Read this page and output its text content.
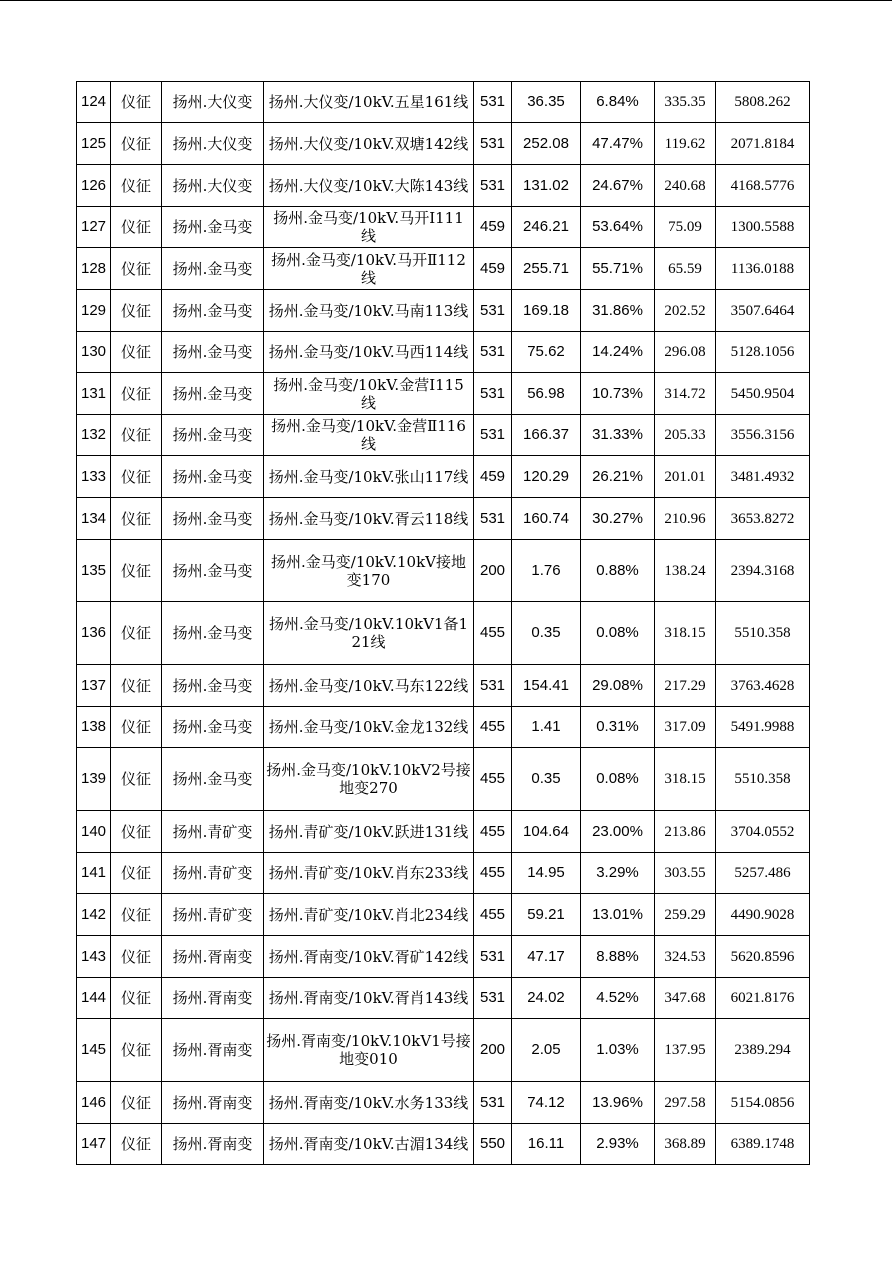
124	仪征	扬州.大仪变	扬州.大仪变/10kV.五星161线	531	36.35	6.84%	335.35	5808.262
125	仪征	扬州.大仪变	扬州.大仪变/10kV.双塘142线	531	252.08	47.47%	119.62	2071.8184
126	仪征	扬州.大仪变	扬州.大仪变/10kV.大陈143线	531	131.02	24.67%	240.68	4168.5776
127	仪征	扬州.金马变	扬州.金马变/10kV.马开Ⅰ111线	459	246.21	53.64%	75.09	1300.5588
128	仪征	扬州.金马变	扬州.金马变/10kV.马开Ⅱ112线	459	255.71	55.71%	65.59	1136.0188
129	仪征	扬州.金马变	扬州.金马变/10kV.马南113线	531	169.18	31.86%	202.52	3507.6464
130	仪征	扬州.金马变	扬州.金马变/10kV.马西114线	531	75.62	14.24%	296.08	5128.1056
131	仪征	扬州.金马变	扬州.金马变/10kV.金营Ⅰ115线	531	56.98	10.73%	314.72	5450.9504
132	仪征	扬州.金马变	扬州.金马变/10kV.金营Ⅱ116线	531	166.37	31.33%	205.33	3556.3156
133	仪征	扬州.金马变	扬州.金马变/10kV.张山117线	459	120.29	26.21%	201.01	3481.4932
134	仪征	扬州.金马变	扬州.金马变/10kV.胥云118线	531	160.74	30.27%	210.96	3653.8272
135	仪征	扬州.金马变	扬州.金马变/10kV.10kV接地变170	200	1.76	0.88%	138.24	2394.3168
136	仪征	扬州.金马变	扬州.金马变/10kV.10kV1备121线	455	0.35	0.08%	318.15	5510.358
137	仪征	扬州.金马变	扬州.金马变/10kV.马东122线	531	154.41	29.08%	217.29	3763.4628
138	仪征	扬州.金马变	扬州.金马变/10kV.金龙132线	455	1.41	0.31%	317.09	5491.9988
139	仪征	扬州.金马变	扬州.金马变/10kV.10kV2号接地变270	455	0.35	0.08%	318.15	5510.358
140	仪征	扬州.青矿变	扬州.青矿变/10kV.跃进131线	455	104.64	23.00%	213.86	3704.0552
141	仪征	扬州.青矿变	扬州.青矿变/10kV.肖东233线	455	14.95	3.29%	303.55	5257.486
142	仪征	扬州.青矿变	扬州.青矿变/10kV.肖北234线	455	59.21	13.01%	259.29	4490.9028
143	仪征	扬州.胥南变	扬州.胥南变/10kV.胥矿142线	531	47.17	8.88%	324.53	5620.8596
144	仪征	扬州.胥南变	扬州.胥南变/10kV.胥肖143线	531	24.02	4.52%	347.68	6021.8176
145	仪征	扬州.胥南变	扬州.胥南变/10kV.10kV1号接地变010	200	2.05	1.03%	137.95	2389.294
146	仪征	扬州.胥南变	扬州.胥南变/10kV.水务133线	531	74.12	13.96%	297.58	5154.0856
147	仪征	扬州.胥南变	扬州.胥南变/10kV.古湄134线	550	16.11	2.93%	368.89	6389.1748
